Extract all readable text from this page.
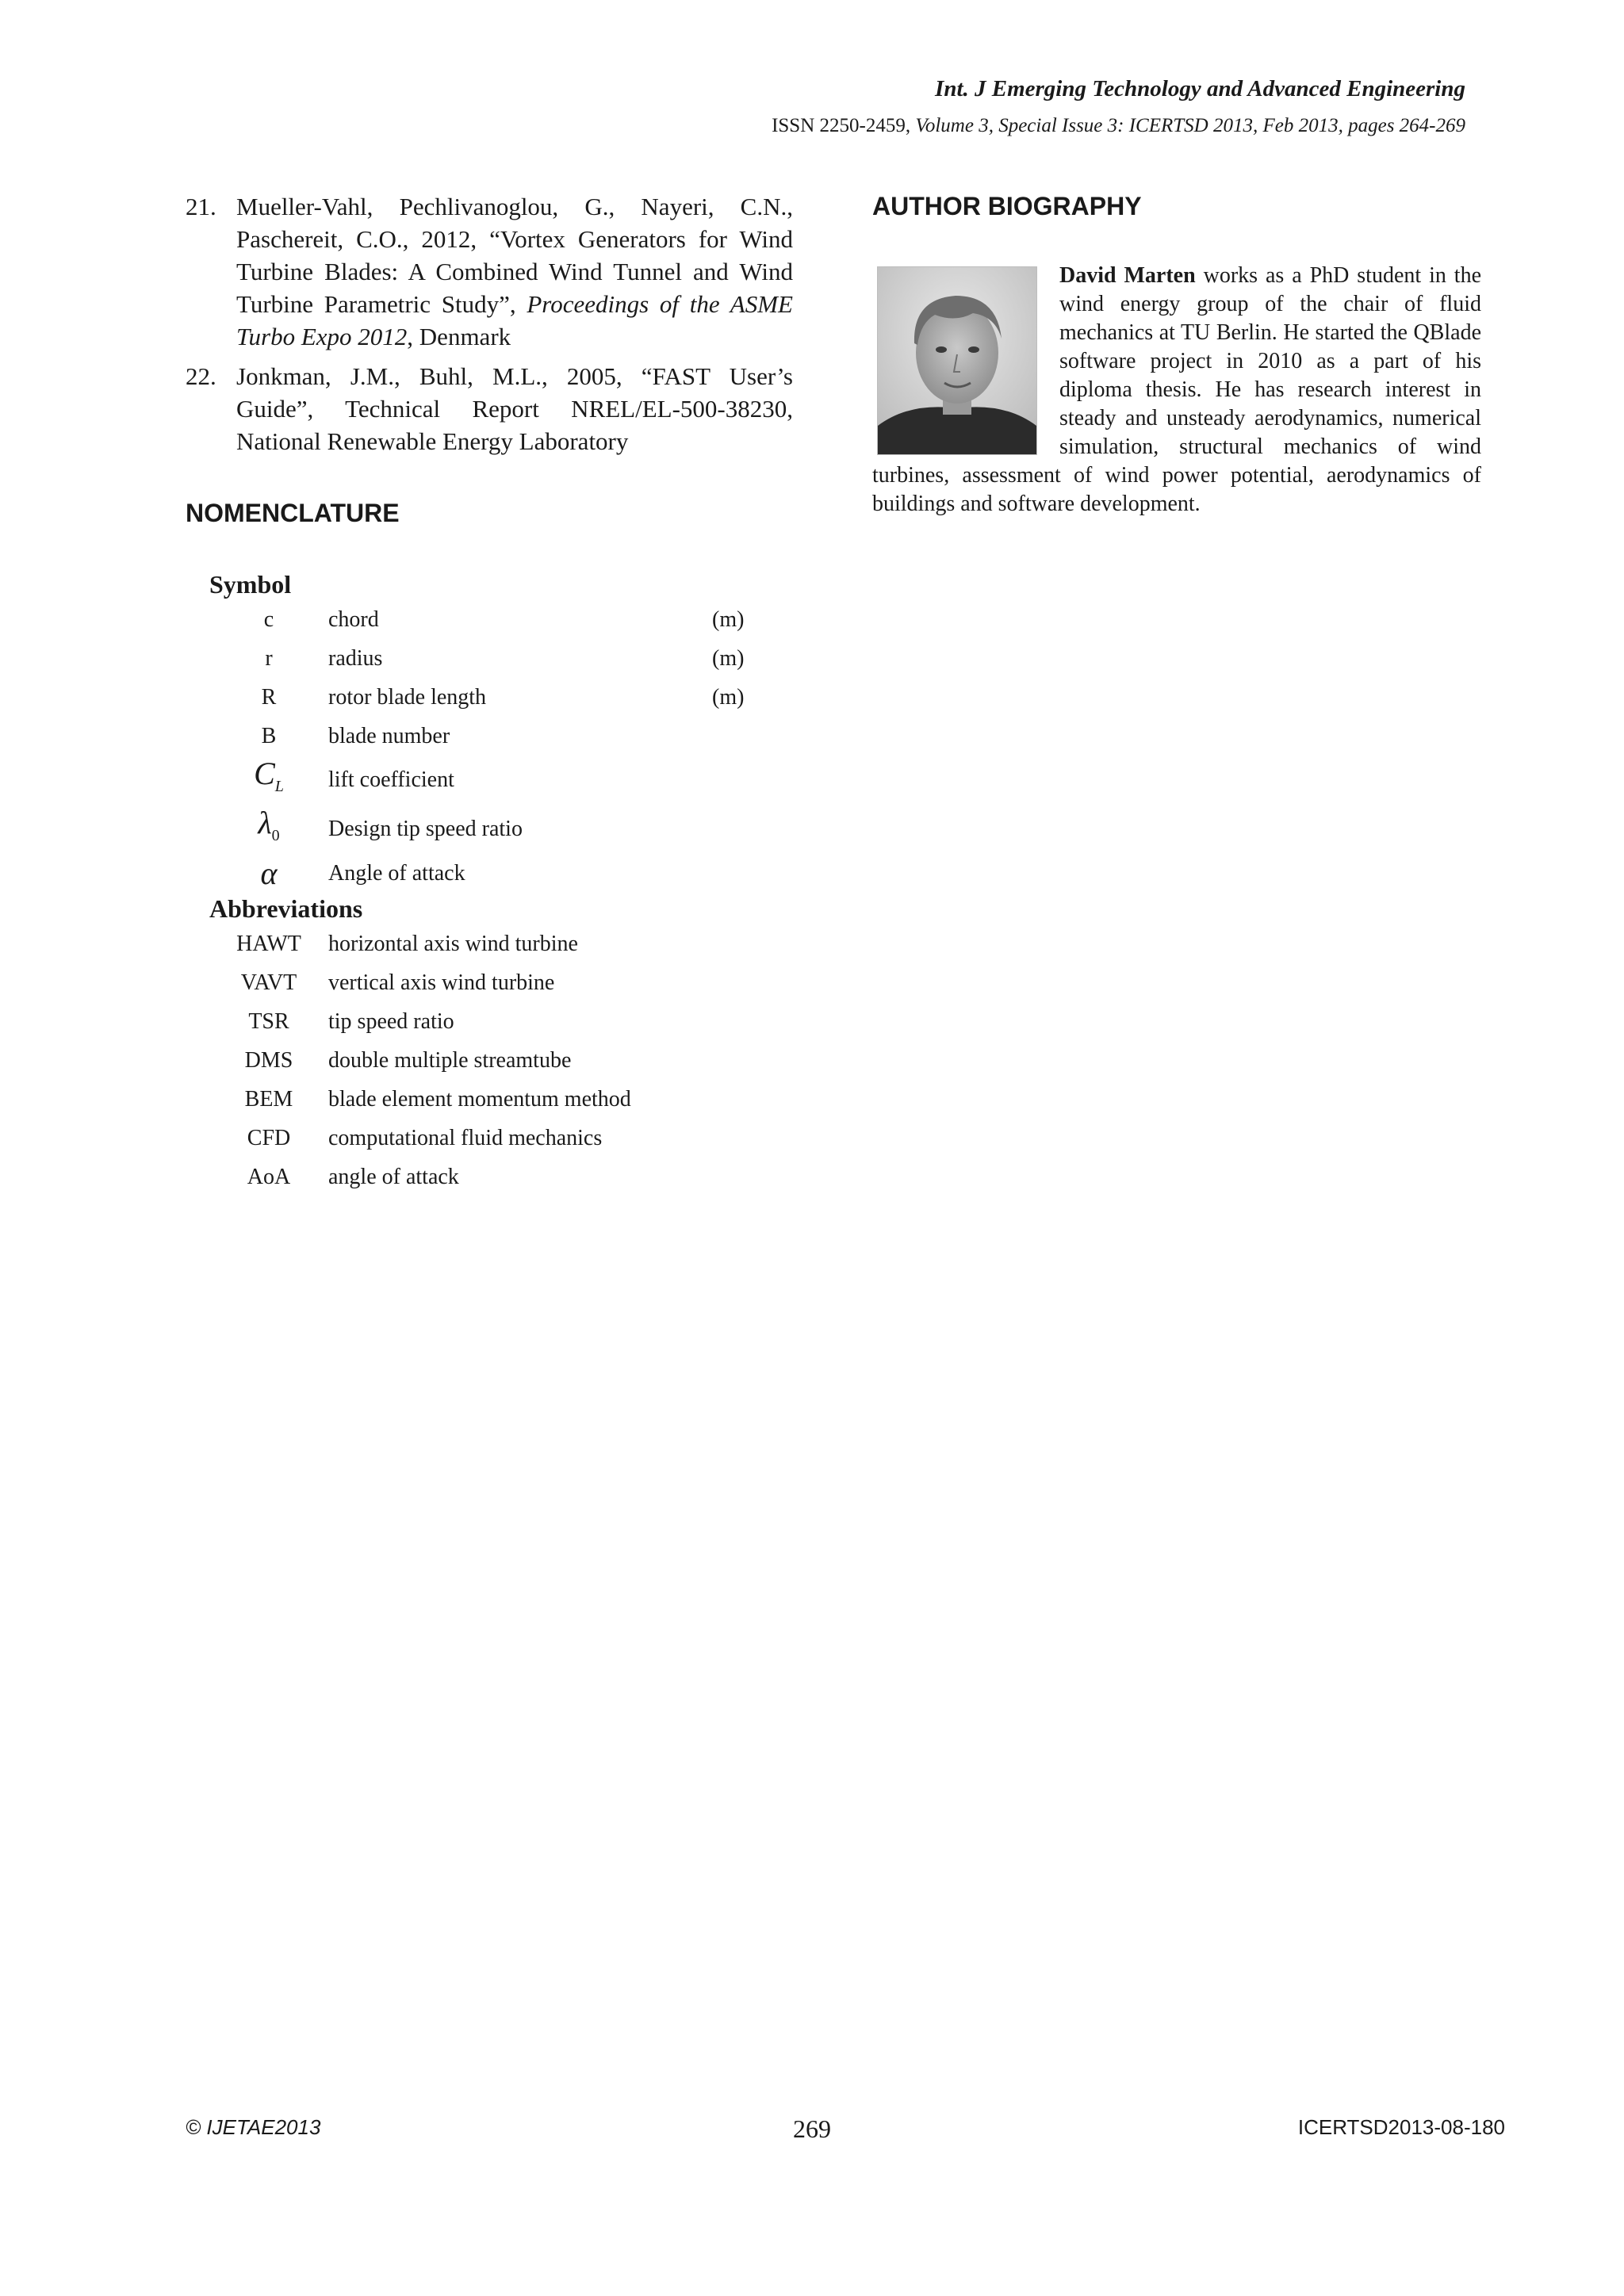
Int. J Emerging Technology and Advanced Engineering
ISSN 2250-2459, Volume 3, Special Issue 3: ICERTSD 2013, Feb 2013, pages 264-269
21. Mueller-Vahl, Pechlivanoglou, G., Nayeri, C.N., Paschereit, C.O., 2012, “Vortex Generators for Wind Turbine Blades: A Combined Wind Tunnel and Wind Turbine Parametric Study”, Proceedings of the ASME Turbo Expo 2012, Denmark
22. Jonkman, J.M., Buhl, M.L., 2005, “FAST User’s Guide”, Technical Report NREL/EL-500-38230, National Renewable Energy Laboratory
NOMENCLATURE
Symbol
c	chord	(m)
r	radius	(m)
R	rotor blade length	(m)
B	blade number
$C_L$	lift coefficient
$\lambda_0$	Design tip speed ratio
α	Angle of attack
Abbreviations
HAWT	horizontal axis wind turbine
VAVT	vertical axis wind turbine
TSR	tip speed ratio
DMS	double multiple streamtube
BEM	blade element momentum method
CFD	computational fluid mechanics
AoA	angle of attack
AUTHOR BIOGRAPHY

David Marten works as a PhD student in the wind energy group of the chair of fluid mechanics at TU Berlin. He started the QBlade software project in 2010 as a part of his diploma thesis. He has research interest in steady and unsteady aerodynamics, numerical simulation, structural mechanics of wind turbines, assessment of wind power potential, aerodynamics of buildings and software development.

© IJETAE2013	269	ICERTSD2013-08-180
